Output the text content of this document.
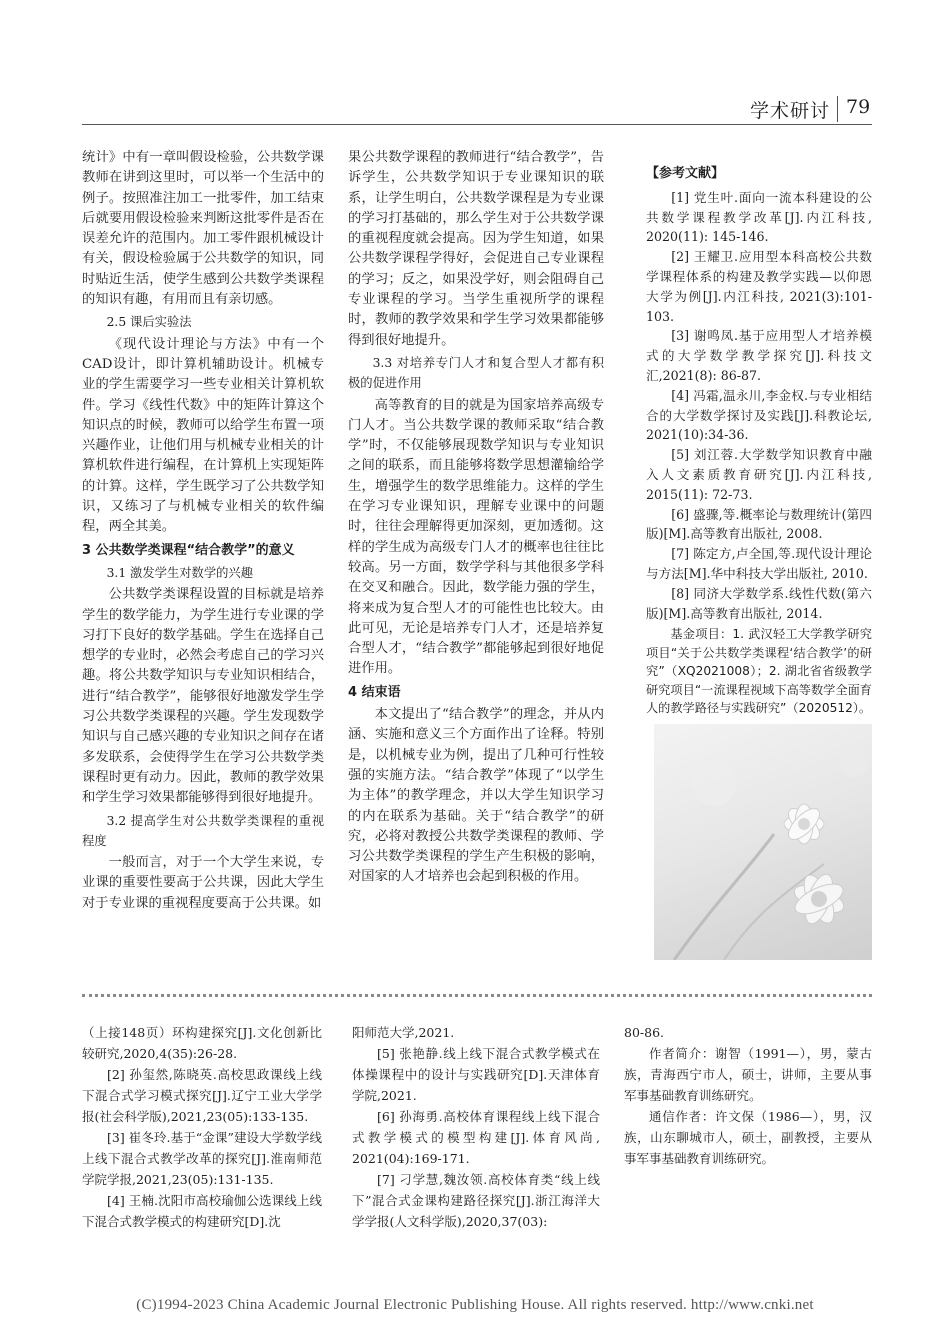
学术研讨 79

统计》中有一章叫假设检验，公共数学课教师在讲到这里时，可以举一个生活中的例子。按照准注加工一批零件，加工结束后就要用假设检验来判断这批零件是否在误差允许的范围内。加工零件跟机械设计有关，假设检验属于公共数学的知识，同时贴近生活，使学生感到公共数学类课程的知识有趣，有用而且有亲切感。

2.5 课后实验法

《现代设计理论与方法》中有一个CAD设计，即计算机辅助设计。机械专业的学生需要学习一些专业相关计算机软件。学习《线性代数》中的矩阵计算这个知识点的时候，教师可以给学生布置一项兴趣作业，让他们用与机械专业相关的计算机软件进行编程，在计算机上实现矩阵的计算。这样，学生既学习了公共数学知识，又练习了与机械专业相关的软件编程，两全其美。

3 公共数学类课程“结合教学”的意义

3.1 激发学生对数学的兴趣

公共数学类课程设置的目标就是培养学生的数学能力，为学生进行专业课的学习打下良好的数学基础。学生在选择自己想学的专业时，必然会考虑自己的学习兴趣。将公共数学知识与专业知识相结合，进行“结合教学”，能够很好地激发学生学习公共数学类课程的兴趣。学生发现数学知识与自己感兴趣的专业知识之间存在诸多发联系，会使得学生在学习公共数学类课程时更有动力。因此，教师的教学效果和学生学习效果都能够得到很好地提升。

3.2 提高学生对公共数学类课程的重视程度

一般而言，对于一个大学生来说，专业课的重要性要高于公共课，因此大学生对于专业课的重视程度要高于公共课。如

果公共数学课程的教师进行“结合教学”，告诉学生，公共数学知识于专业课知识的联系，让学生明白，公共数学课程是为专业课的学习打基础的，那么学生对于公共数学课的重视程度就会提高。因为学生知道，如果公共数学课程学得好，会促进自己专业课程的学习；反之，如果没学好，则会阻碍自己专业课程的学习。当学生重视所学的课程时，教师的教学效果和学生学习效果都能够得到很好地提升。

3.3 对培养专门人才和复合型人才都有积极的促进作用

高等教育的目的就是为国家培养高级专门人才。当公共数学课的教师采取“结合教学”时，不仅能够展现数学知识与专业知识之间的联系，而且能够将数学思想灌输给学生，增强学生的数学思维能力。这样的学生在学习专业课知识，理解专业课中的问题时，往往会理解得更加深刻，更加透彻。这样的学生成为高级专门人才的概率也往往比较高。另一方面，数学学科与其他很多学科在交叉和融合。因此，数学能力强的学生，将来成为复合型人才的可能性也比较大。由此可见，无论是培养专门人才，还是培养复合型人才，“结合教学”都能够起到很好地促进作用。

4 结束语

本文提出了“结合教学”的理念，并从内涵、实施和意义三个方面作出了诠释。特别是，以机械专业为例，提出了几种可行性较强的实施方法。“结合教学”体现了“以学生为主体”的教学理念，并以大学生知识学习的内在联系为基础。关于“结合教学”的研究，必将对教授公共数学类课程的教师、学习公共数学类课程的学生产生积极的影响，对国家的人才培养也会起到积极的作用。

【参考文献】

[1] 党生叶.面向一流本科建设的公共数学课程教学改革[J].内江科技, 2020(11): 145-146.

[2] 王耀卫.应用型本科高校公共数学课程体系的构建及教学实践—以仰恩大学为例[J].内江科技, 2021(3):101-103.

[3] 谢鸣凤.基于应用型人才培养模式的大学数学教学探究[J].科技文汇,2021(8): 86-87.

[4] 冯霜,温永川,李金权.与专业相结合的大学数学探讨及实践[J].科教论坛, 2021(10):34-36.

[5] 刘江蓉.大学数学知识教育中融入人文素质教育研究[J].内江科技, 2015(11): 72-73.

[6] 盛骤,等.概率论与数理统计(第四版)[M].高等教育出版社, 2008.

[7] 陈定方,卢全国,等.现代设计理论与方法[M].华中科技大学出版社, 2010.

[8] 同济大学数学系.线性代数(第六版)[M].高等教育出版社, 2014.

基金项目：1. 武汉轻工大学教学研究项目“关于公共数学类课程‘结合教学’的研究”（XQ2021008）；2. 湖北省省级教学研究项目“一流课程视域下高等数学全面育人的教学路径与实践研究”（2020512）。

（上接148页）环构建探究[J].文化创新比较研究,2020,4(35):26-28.

[2] 孙玺然,陈晓英.高校思政课线上线下混合式学习模式探究[J].辽宁工业大学学报(社会科学版),2021,23(05):133-135.

[3] 崔冬玲.基于“金课”建设大学数学线上线下混合式教学改革的探究[J].淮南师范学院学报,2021,23(05):131-135.

[4] 王楠.沈阳市高校瑜伽公选课线上线下混合式教学模式的构建研究[D].沈

阳师范大学,2021.

[5] 张艳静.线上线下混合式教学模式在体操课程中的设计与实践研究[D].天津体育学院,2021.

[6] 孙海勇.高校体育课程线上线下混合式教学模式的模型构建[J].体育风尚, 2021(04):169-171.

[7] 刁学慧,魏汝领.高校体育类“线上线下”混合式金课构建路径探究[J].浙江海洋大学学报(人文科学版),2020,37(03):

80-86.

作者简介：谢智（1991—），男，蒙古族，青海西宁市人，硕士，讲师，主要从事军事基础教育训练研究。

通信作者：许文保（1986—），男，汉族，山东聊城市人，硕士，副教授，主要从事军事基础教育训练研究。

(C)1994-2023 China Academic Journal Electronic Publishing House. All rights reserved. http://www.cnki.net
